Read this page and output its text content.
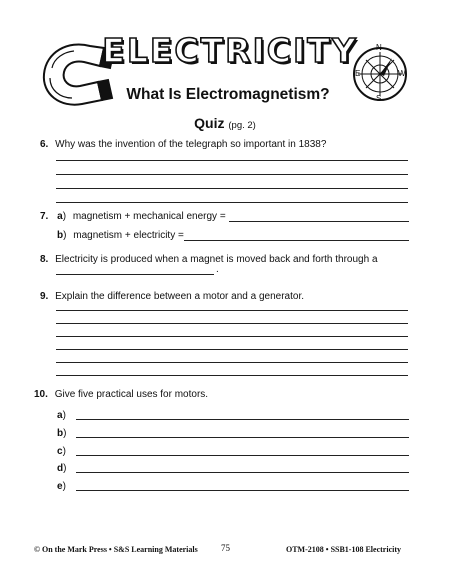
ELECTRICITY N
E	W
S
What Is Electromagnetism?
Quiz (pg. 2)
6. Why was the invention of the telegraph so important in 1838?
7. a) magnetism + mechanical energy =
b) magnetism + electricity =
8. Electricity is produced when a magnet is moved back and forth through a
.
9. Explain the difference between a motor and a generator.
10. Give five practical uses for motors.
a)
b)
c)
d)
e)
© On the Mark Press • S&S Learning Materials	75	OTM-2108 • SSB1-108 Electricity
